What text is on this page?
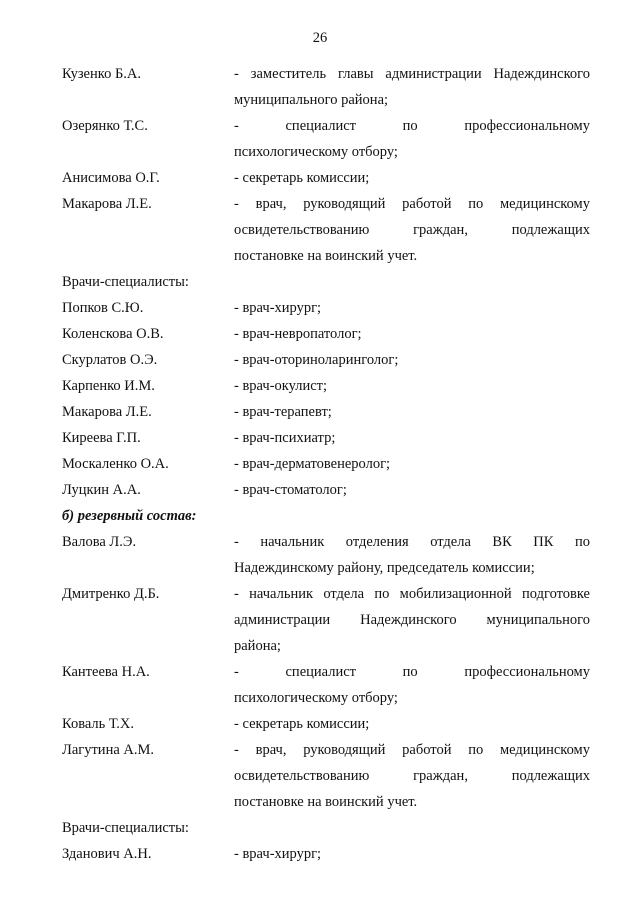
26
Кузенко Б.А.	- заместитель главы администрации Надеждинского
муниципального района;
Озерянко Т.С.	- специалист по профессиональному
психологическому отбору;
Анисимова О.Г.	- секретарь комиссии;
Макарова Л.Е.	- врач, руководящий работой по медицинскому
освидетельствованию граждан, подлежащих
постановке на воинский учет.
Врачи-специалисты:
Попков С.Ю.	- врач-хирург;
Коленскова О.В.	- врач-невропатолог;
Скурлатов О.Э.	- врач-оториноларинголог;
Карпенко И.М.	- врач-окулист;
Макарова Л.Е.	- врач-терапевт;
Киреева Г.П.	- врач-психиатр;
Москаленко О.А.	- врач-дерматовенеролог;
Луцкин А.А.	- врач-стоматолог;
б) резервный состав:
Валова Л.Э.	- начальник отделения отдела ВК ПК по
Надеждинскому району, председатель комиссии;
Дмитренко Д.Б.	- начальник отдела по мобилизационной подготовке
администрации Надеждинского муниципального
района;
Кантеева Н.А.	- специалист по профессиональному
психологическому отбору;
Коваль Т.Х.	- секретарь комиссии;
Лагутина А.М.	- врач, руководящий работой по медицинскому
освидетельствованию граждан, подлежащих
постановке на воинский учет.
Врачи-специалисты:
Зданович А.Н.	- врач-хирург;
